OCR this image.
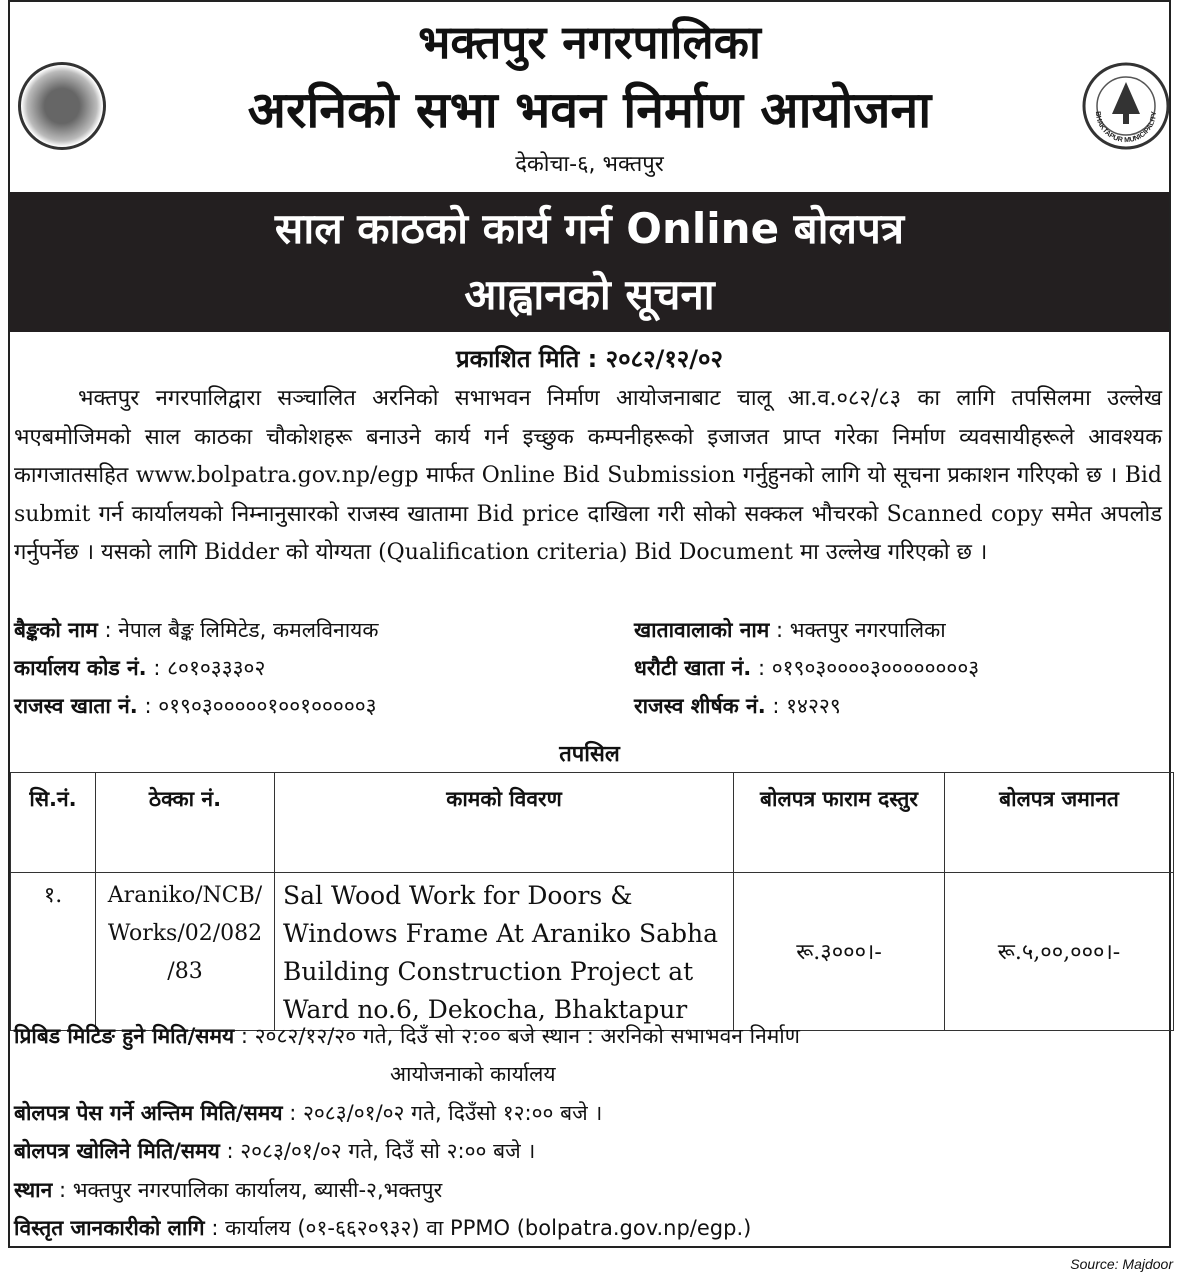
BHAKTAPUR MUNICIPALITY
भक्तपुर नगरपालिका
अरनिको सभा भवन निर्माण आयोजना
देकोचा-६, भक्तपुर
साल काठको कार्य गर्न Online बोलपत्र
आह्वानको सूचना
प्रकाशित मिति : २०८२/१२/०२
भक्तपुर नगरपालिद्वारा सञ्चालित अरनिको सभाभवन निर्माण आयोजनाबाट चालू आ.व.०८२/८३ का लागि तपसिलमा उल्लेख भएबमोजिमको साल काठका चौकोशहरू बनाउने कार्य गर्न इच्छुक कम्पनीहरूको इजाजत प्राप्त गरेका निर्माण व्यवसायीहरूले आवश्यक कागजातसहित www.bolpatra.gov.np/egp मार्फत Online Bid Submission गर्नुहुनको लागि यो सूचना प्रकाशन गरिएको छ । Bid submit गर्न कार्यालयको निम्नानुसारको राजस्व खातामा Bid price दाखिला गरी सोको सक्कल भौचरको Scanned copy समेत अपलोड गर्नुपर्नेछ । यसको लागि Bidder को योग्यता (Qualification criteria) Bid Document मा उल्लेख गरिएको छ ।
बैङ्कको नाम : नेपाल बैङ्क लिमिटेड, कमलविनायक	खातावालाको नाम : भक्तपुर नगरपालिका
कार्यालय कोड नं. : ८०१०३३३०२	धरौटी खाता नं. : ०१९०३००००३००००००००३
राजस्व खाता नं. : ०१९०३०००००१००१०००००३	राजस्व शीर्षक नं. : १४२२९
तपसिल
सि.नं.	ठेक्का नं.	कामको विवरण	बोलपत्र फाराम दस्तुर	बोलपत्र जमानत
१.	Araniko/NCB/ Works/02/082 /83	Sal Wood Work for Doors & Windows Frame At Araniko Sabha Building Construction Project at Ward no.6, Dekocha, Bhaktapur	रू.३०००।-	रू.५,००,०००।-
प्रिबिड मिटिङ हुने मिति/समय : २०८२/१२/२० गते, दिउँ सो २:०० बजे स्थान : अरनिको सभाभवन निर्माण
आयोजनाको कार्यालय
बोलपत्र पेस गर्ने अन्तिम मिति/समय : २०८३/०१/०२ गते, दिउँसो १२:०० बजे ।
बोलपत्र खोलिने मिति/समय : २०८३/०१/०२ गते, दिउँ सो २:०० बजे ।
स्थान : भक्तपुर नगरपालिका कार्यालय, ब्यासी-२,भक्तपुर
विस्तृत जानकारीको लागि : कार्यालय (०१-६६२०९३२) वा PPMO (bolpatra.gov.np/egp.)
Source: Majdoor
